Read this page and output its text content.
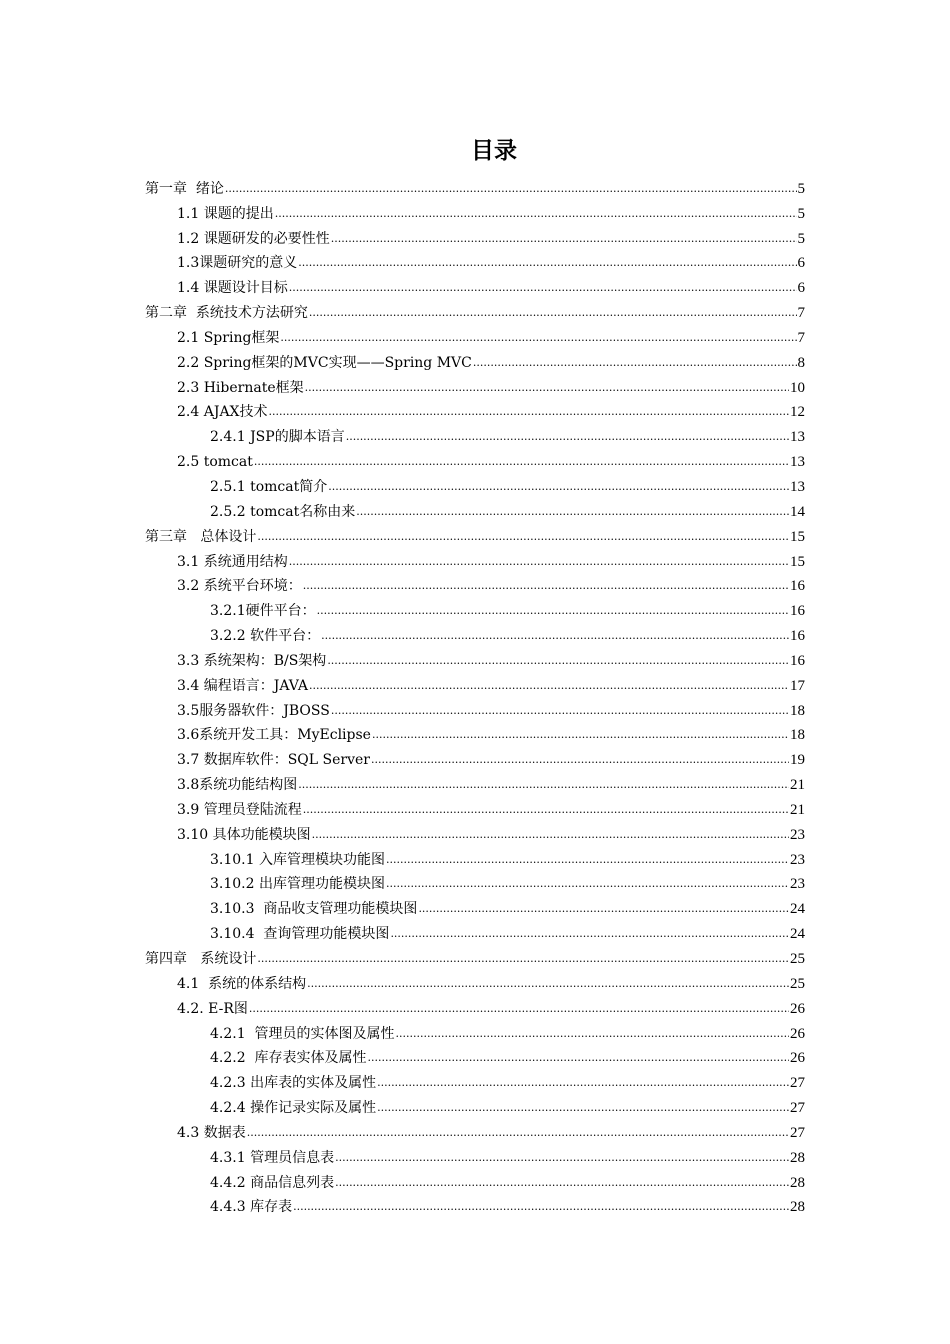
目录
第一章  绪论 .....	5
1.1 课题的提出 .....	5
1.2 课题研发的必要性性 .....	5
1.3课题研究的意义 .....	6
1.4 课题设计目标 .....	6
第二章  系统技术方法研究 .....	7
2.1 Spring框架 .....	7
2.2 Spring框架的MVC实现——Spring MVC .....	8
2.3 Hibernate框架 .....	10
2.4 AJAX技术 .....	12
2.4.1 JSP的脚本语言 .....	13
2.5 tomcat .....	13
2.5.1 tomcat简介 .....	13
2.5.2 tomcat名称由来 .....	14
第三章   总体设计 .....	15
3.1 系统通用结构 .....	15
3.2 系统平台环境： .....	16
3.2.1硬件平台： .....	16
3.2.2 软件平台： .....	16
3.3 系统架构：B/S架构 .....	16
3.4 编程语言：JAVA .....	17
3.5服务器软件：JBOSS .....	18
3.6系统开发工具：MyEclipse .....	18
3.7 数据库软件：SQL Server .....	19
3.8系统功能结构图 .....	21
3.9 管理员登陆流程 .....	21
3.10 具体功能模块图 .....	23
3.10.1 入库管理模块功能图 .....	23
3.10.2 出库管理功能模块图 .....	23
3.10.3  商品收支管理功能模块图 .....	24
3.10.4  查询管理功能模块图 .....	24
第四章   系统设计 .....	25
4.1  系统的体系结构 .....	25
4.2. E-R图 .....	26
4.2.1  管理员的实体图及属性 .....	26
4.2.2  库存表实体及属性 .....	26
4.2.3 出库表的实体及属性 .....	27
4.2.4 操作记录实际及属性 .....	27
4.3 数据表 .....	27
4.3.1 管理员信息表 .....	28
4.4.2 商品信息列表 .....	28
4.4.3 库存表 .....	28
